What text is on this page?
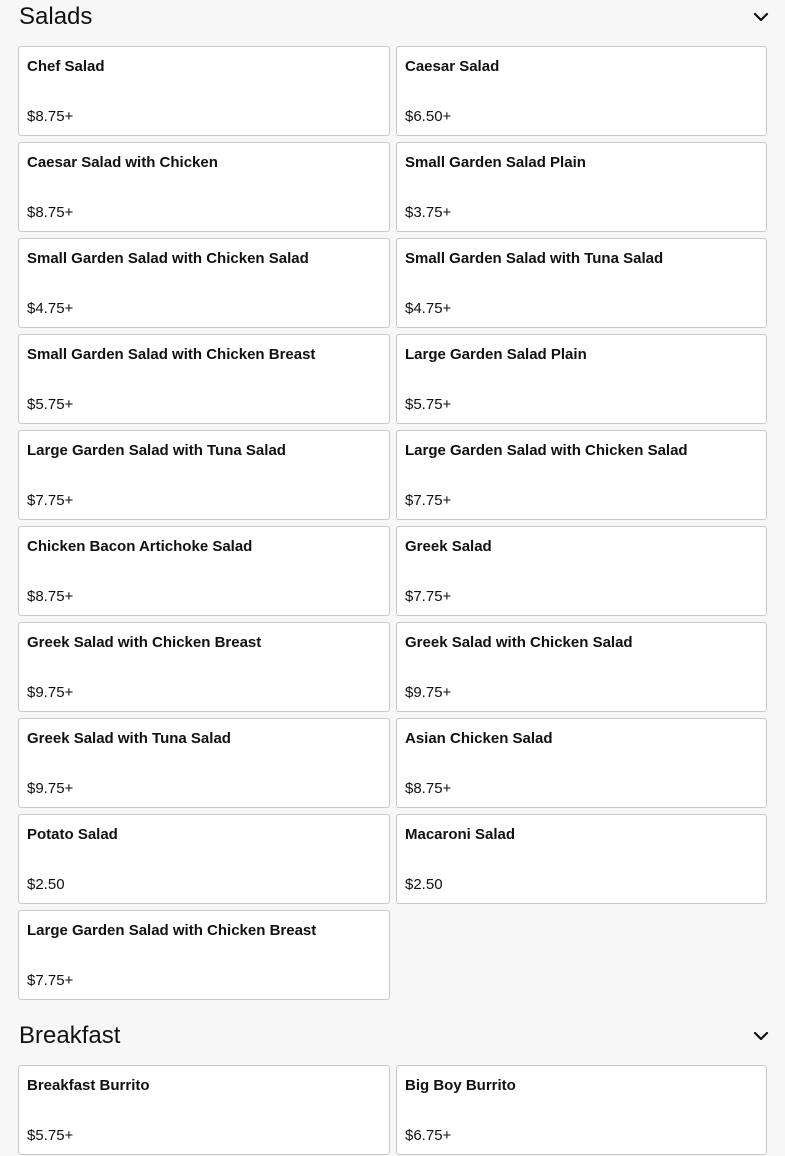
Salads
Chef Salad
$8.75+
Caesar Salad
$6.50+
Caesar Salad with Chicken
$8.75+
Small Garden Salad Plain
$3.75+
Small Garden Salad with Chicken Salad
$4.75+
Small Garden Salad with Tuna Salad
$4.75+
Small Garden Salad with Chicken Breast
$5.75+
Large Garden Salad Plain
$5.75+
Large Garden Salad with Tuna Salad
$7.75+
Large Garden Salad with Chicken Salad
$7.75+
Chicken Bacon Artichoke Salad
$8.75+
Greek Salad
$7.75+
Greek Salad with Chicken Breast
$9.75+
Greek Salad with Chicken Salad
$9.75+
Greek Salad with Tuna Salad
$9.75+
Asian Chicken Salad
$8.75+
Potato Salad
$2.50
Macaroni Salad
$2.50
Large Garden Salad with Chicken Breast
$7.75+
Breakfast
Breakfast Burrito
$5.75+
Big Boy Burrito
$6.75+
